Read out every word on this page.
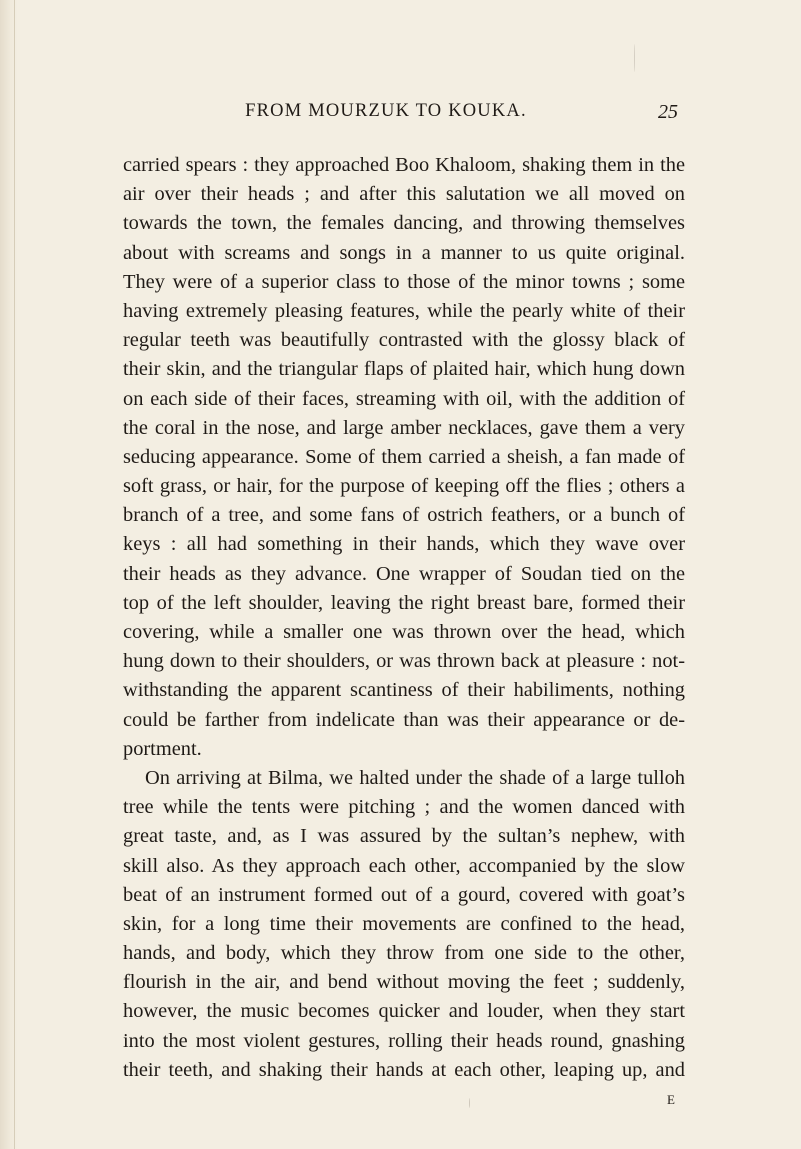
FROM MOURZUK TO KOUKA.	25
carried spears : they approached Boo Khaloom, shaking them in the
air over their heads ; and after this salutation we all moved on
towards the town, the females dancing, and throwing themselves
about with screams and songs in a manner to us quite original.
They were of a superior class to those of the minor towns ; some
having extremely pleasing features, while the pearly white of their
regular teeth was beautifully contrasted with the glossy black of
their skin, and the triangular flaps of plaited hair, which hung down
on each side of their faces, streaming with oil, with the addition of
the coral in the nose, and large amber necklaces, gave them a very
seducing appearance. Some of them carried a sheish, a fan made of
soft grass, or hair, for the purpose of keeping off the flies ; others a
branch of a tree, and some fans of ostrich feathers, or a bunch of
keys : all had something in their hands, which they wave over
their heads as they advance. One wrapper of Soudan tied on the
top of the left shoulder, leaving the right breast bare, formed their
covering, while a smaller one was thrown over the head, which
hung down to their shoulders, or was thrown back at pleasure : not-
withstanding the apparent scantiness of their habiliments, nothing
could be farther from indelicate than was their appearance or de-
portment.
On arriving at Bilma, we halted under the shade of a large tulloh
tree while the tents were pitching ; and the women danced with
great taste, and, as I was assured by the sultan’s nephew, with
skill also. As they approach each other, accompanied by the slow
beat of an instrument formed out of a gourd, covered with goat’s
skin, for a long time their movements are confined to the head,
hands, and body, which they throw from one side to the other,
flourish in the air, and bend without moving the feet ; suddenly,
however, the music becomes quicker and louder, when they start
into the most violent gestures, rolling their heads round, gnashing
their teeth, and shaking their hands at each other, leaping up, and
E
